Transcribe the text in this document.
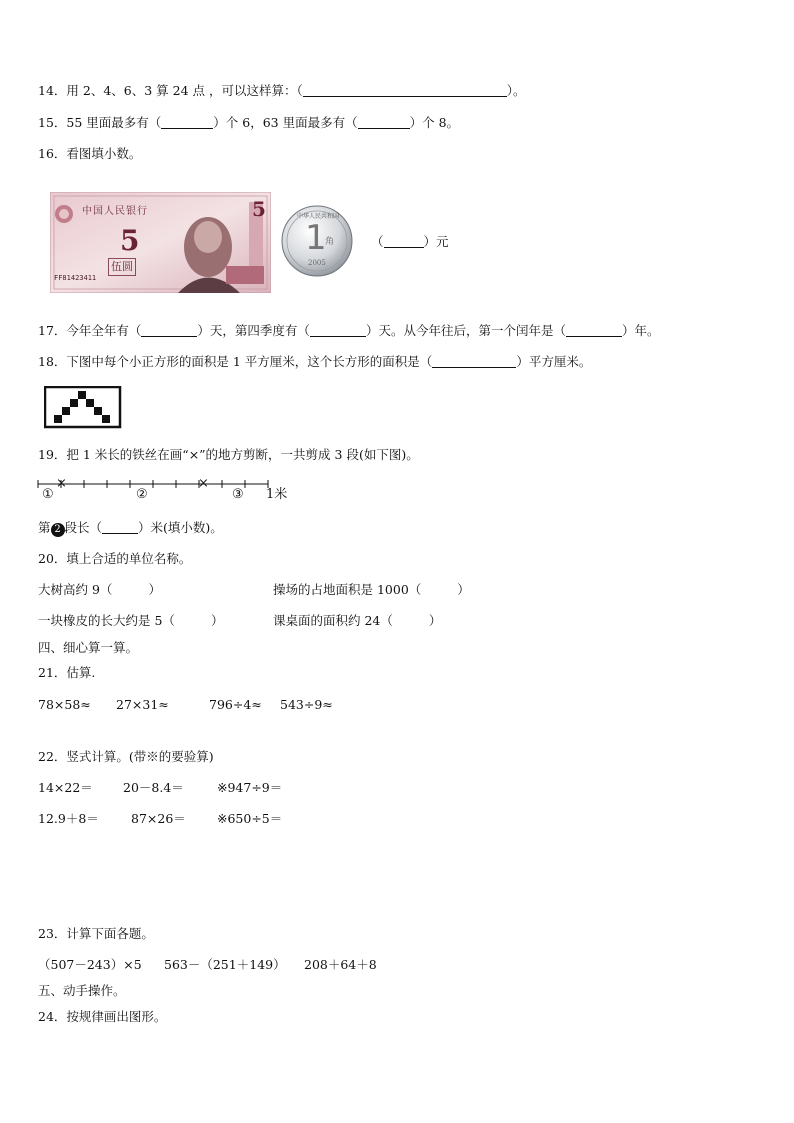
14．用 2、4、6、3 算 24 点 ，可以这样算：（	）。
15．55 里面最多有（	）个 6，63 里面最多有（	）个 8。
16．看图填小数。
中国人民银行
5
5
伍圆
FF81423411
中华人民共和国
1
角
2005
（	）元
17．今年全年有（	）天，第四季度有（	）天。从今年往后，第一个闰年是（	）年。
18．下图中每个小正方形的面积是 1 平方厘米，这个长方形的面积是（	）平方厘米。
19．把 1 米长的铁丝在画“×”的地方剪断，一共剪成 3 段(如下图)。
×	×
①	②	③ 1米
第 2 段长（	）米(填小数)。
20．填上合适的单位名称。
大树高约 9（	）	操场的占地面积是 1000（	）
一块橡皮的长大约是 5（	）	课桌面的面积约 24（	）
四、细心算一算。
21．估算.
78×58≈ 27×31≈	796÷4≈ 543÷9≈
22．竖式计算。(带※的要验算)
14×22＝ 20－8.4＝	※947÷9＝
12.9＋8＝	87×26＝ ※650÷5＝
23．计算下面各题。
（507－243）×5 563－（251＋149） 208＋64＋8
五、动手操作。
24．按规律画出图形。
